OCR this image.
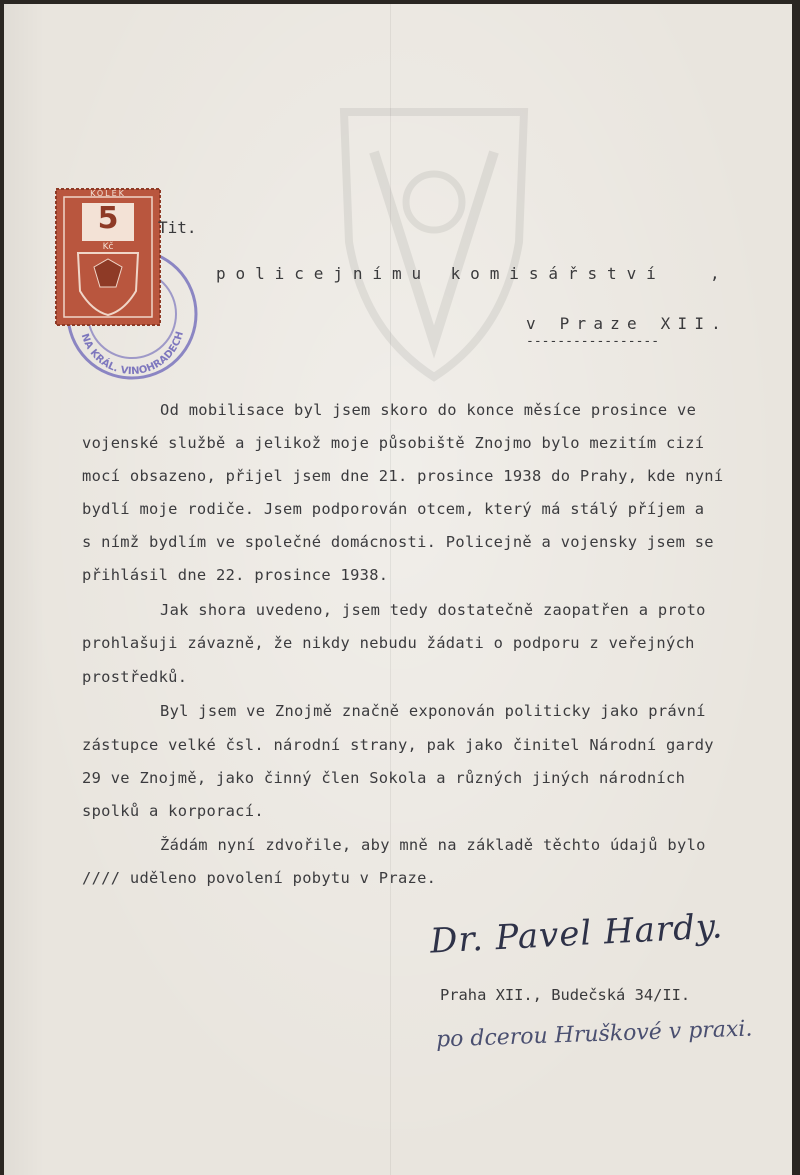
NA KRÁL. VINOHRADECH
KOLEK
5
Kč
Tit.
policejnímu komisářství	,
v Praze XII.
-----------------
Od mobilisace byl jsem skoro do konce měsíce prosince ve
vojenské službě a jelikož moje působiště Znojmo bylo mezitím cizí
mocí obsazeno, přijel jsem dne 21. prosince 1938 do Prahy, kde nyní
bydlí moje rodiče. Jsem podporován otcem, který má stálý příjem a
s nímž bydlím ve společné domácnosti. Policejně a vojensky jsem se
přihlásil dne 22. prosince 1938.
Jak shora uvedeno, jsem tedy dostatečně zaopatřen a proto
prohlašuji závazně, že nikdy nebudu žádati o podporu z veřejných
prostředků.
Byl jsem ve Znojmě značně exponován politicky jako právní
zástupce velké čsl. národní strany, pak jako činitel Národní gardy
29 ve Znojmě, jako činný člen Sokola a různých jiných národních
spolků a korporací.
Žádám nyní zdvořile, aby mně na základě těchto údajů bylo
//// uděleno povolení pobytu v Praze.
Dr. Pavel Hardy.
Praha XII., Budečská 34/II.
po dcerou Hruškové v praxi.
